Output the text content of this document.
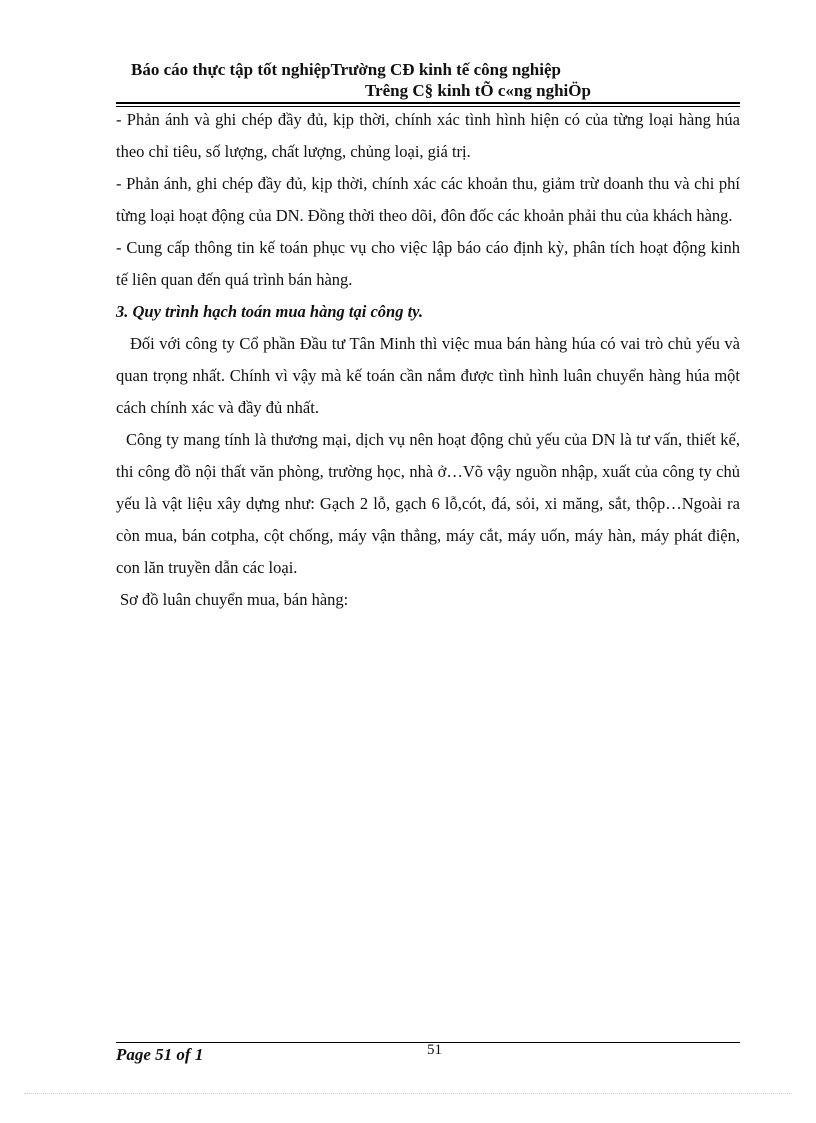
Báo cáo thực tập tốt nghiệpTrường CĐ kinh tế công nghiệp
Trêng C§ kinh tÕ c«ng nghiÖp

- Phản ánh và ghi chép đầy đủ, kịp thời, chính xác tình hình hiện có của từng loại hàng húa theo chỉ tiêu, số lượng, chất lượng, chủng loại, giá trị.

- Phản ánh, ghi chép đầy đủ, kịp thời, chính xác các khoản thu, giảm trừ doanh thu và chi phí từng loại hoạt động của DN. Đồng thời theo dõi, đôn đốc các khoản phải thu của khách hàng.

- Cung cấp thông tin kế toán phục vụ cho việc lập báo cáo định kỳ, phân tích hoạt động kinh tế liên quan đến quá trình bán hàng.

3. Quy trình hạch toán mua hàng tại công ty.

Đối với công ty Cổ phần Đầu tư Tân Minh thì việc mua bán hàng húa có vai trò chủ yếu và quan trọng nhất. Chính vì vậy mà kế toán cần nắm được tình hình luân chuyển hàng húa một cách chính xác và đầy đủ nhất.

Công ty mang tính là thương mại, dịch vụ nên hoạt động chủ yếu của DN là tư vấn, thiết kế, thi công đồ nội thất văn phòng, trường học, nhà ở…Võ vậy nguồn nhập, xuất của công ty chủ yếu là vật liệu xây dựng như: Gạch 2 lỗ, gạch 6 lỗ,cót, đá, sỏi, xi măng, sắt, thộp…Ngoài ra còn mua, bán cotpha, cột chống, máy vận thẳng, máy cắt, máy uốn, máy hàn, máy phát điện, con lăn truyền dẫn các loại.

Sơ đồ luân chuyển mua, bán hàng:

Page 51 of 1	51
